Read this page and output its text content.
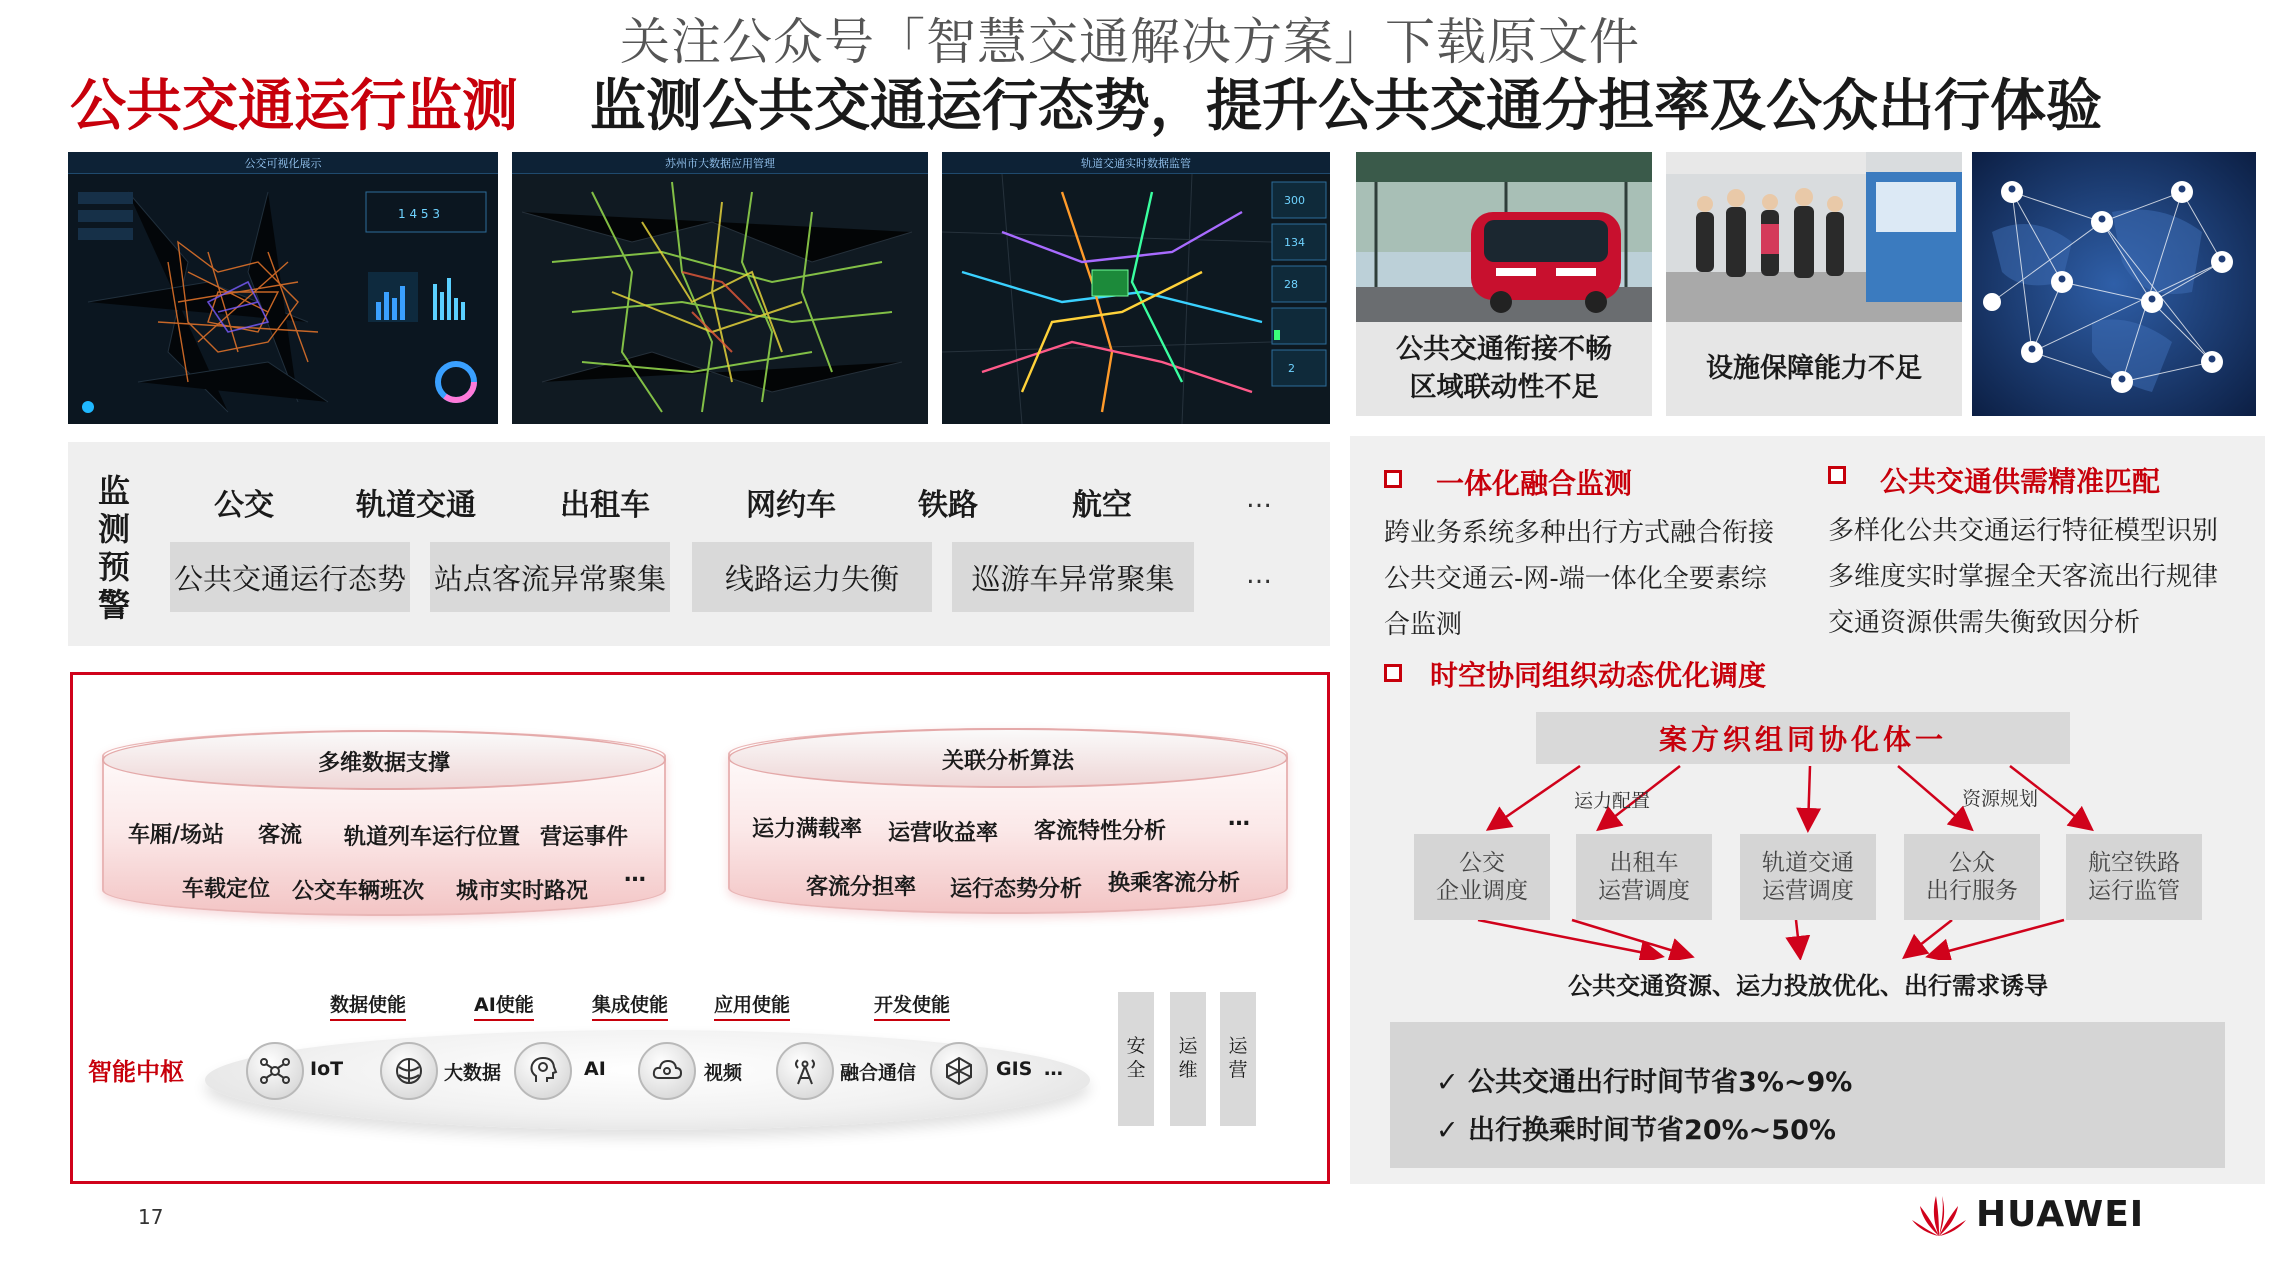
关注公众号「智慧交通解决方案」下载原文件
公共交通运行监测 监测公共交通运行态势，提升公共交通分担率及公众出行体验
公交可视化展示
1 4 5 3
苏州市大数据应用管理	轨道交通实时数据监管
300
134
28
2
公共交通衔接不畅
区域联动性不足
设施保障能力不足
监
测
预
警
公交	轨道交通	出租车	网约车	铁路	航空	…
公共交通运行态势 站点客流异常聚集	线路运力失衡	巡游车异常聚集	…
多维数据支撑
车厢/场站 客流 轨道列车运行位置 营运事件
车载定位 公交车辆班次 城市实时路况
…
关联分析算法
运力满载率 运营收益率 客流特性分析
…
客流分担率 运行态势分析 换乘客流分析
智能中枢
数据使能	AI使能	集成使能 应用使能	开发使能
IoT	大数据	AI	视频	融合通信	GIS …
安
全
运
维
运
营
一体化融合监测
跨业务系统多种出行方式融合衔接
公共交通云-网-端一体化全要素综
合监测
公共交通供需精准匹配
多样化公共交通运行特征模型识别
多维度实时掌握全天客流出行规律
交通资源供需失衡致因分析
时空协同组织动态优化调度
一体化协同组织方案
运力配置	资源规划
公交
企业调度
出租车
运营调度
轨道交通
运营调度
公众
出行服务
航空铁路
运行监管
公共交通资源、运力投放优化、出行需求诱导
✓ 公共交通出行时间节省3%~9%
✓ 出行换乘时间节省20%~50%
17	HUAWEI
